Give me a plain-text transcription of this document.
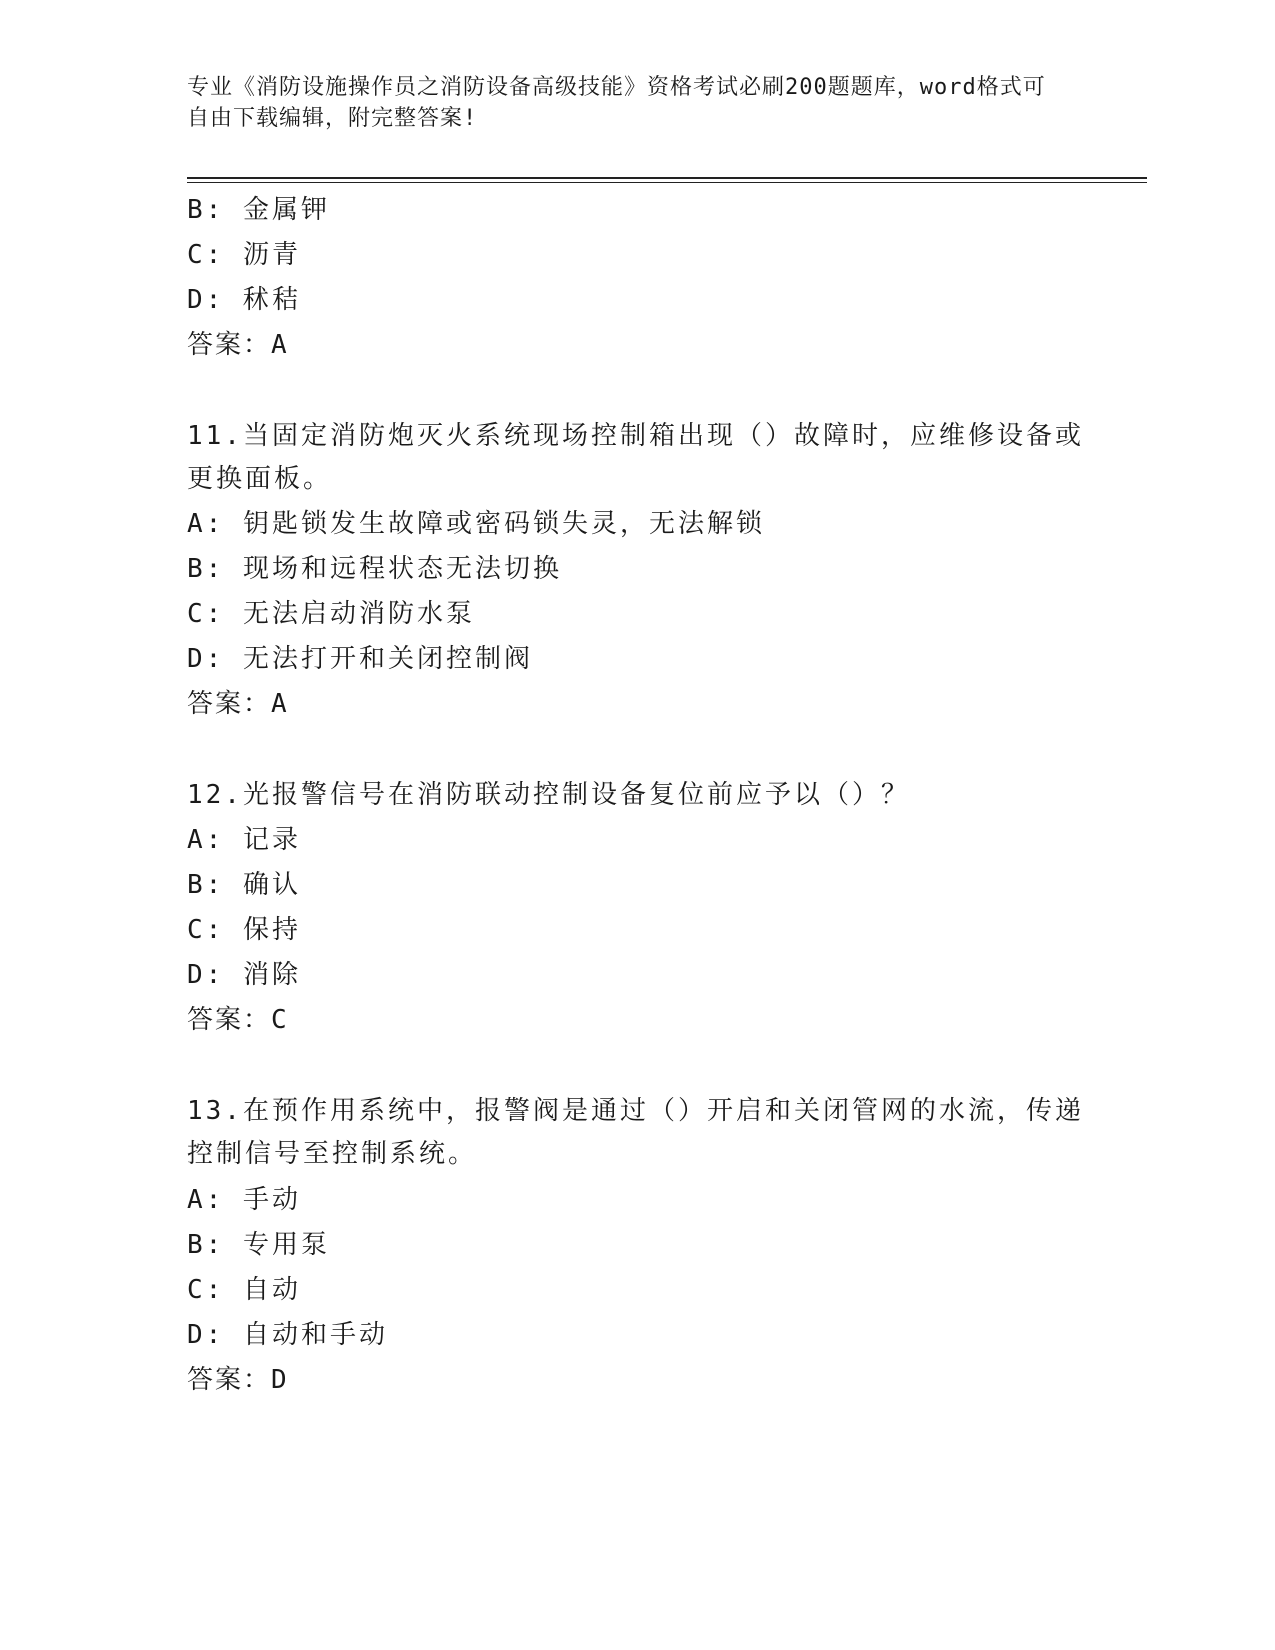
专业《消防设施操作员之消防设备高级技能》资格考试必刷200题题库，word格式可自由下载编辑，附完整答案!
B: 金属钾
C: 沥青
D: 秫秸
答案：A
11.当固定消防炮灭火系统现场控制箱出现（）故障时，应维修设备或
更换面板。
A: 钥匙锁发生故障或密码锁失灵，无法解锁
B: 现场和远程状态无法切换
C: 无法启动消防水泵
D: 无法打开和关闭控制阀
答案：A
12.光报警信号在消防联动控制设备复位前应予以（）？
A: 记录
B: 确认
C: 保持
D: 消除
答案：C
13.在预作用系统中，报警阀是通过（）开启和关闭管网的水流，传递
控制信号至控制系统。
A: 手动
B: 专用泵
C: 自动
D: 自动和手动
答案：D
